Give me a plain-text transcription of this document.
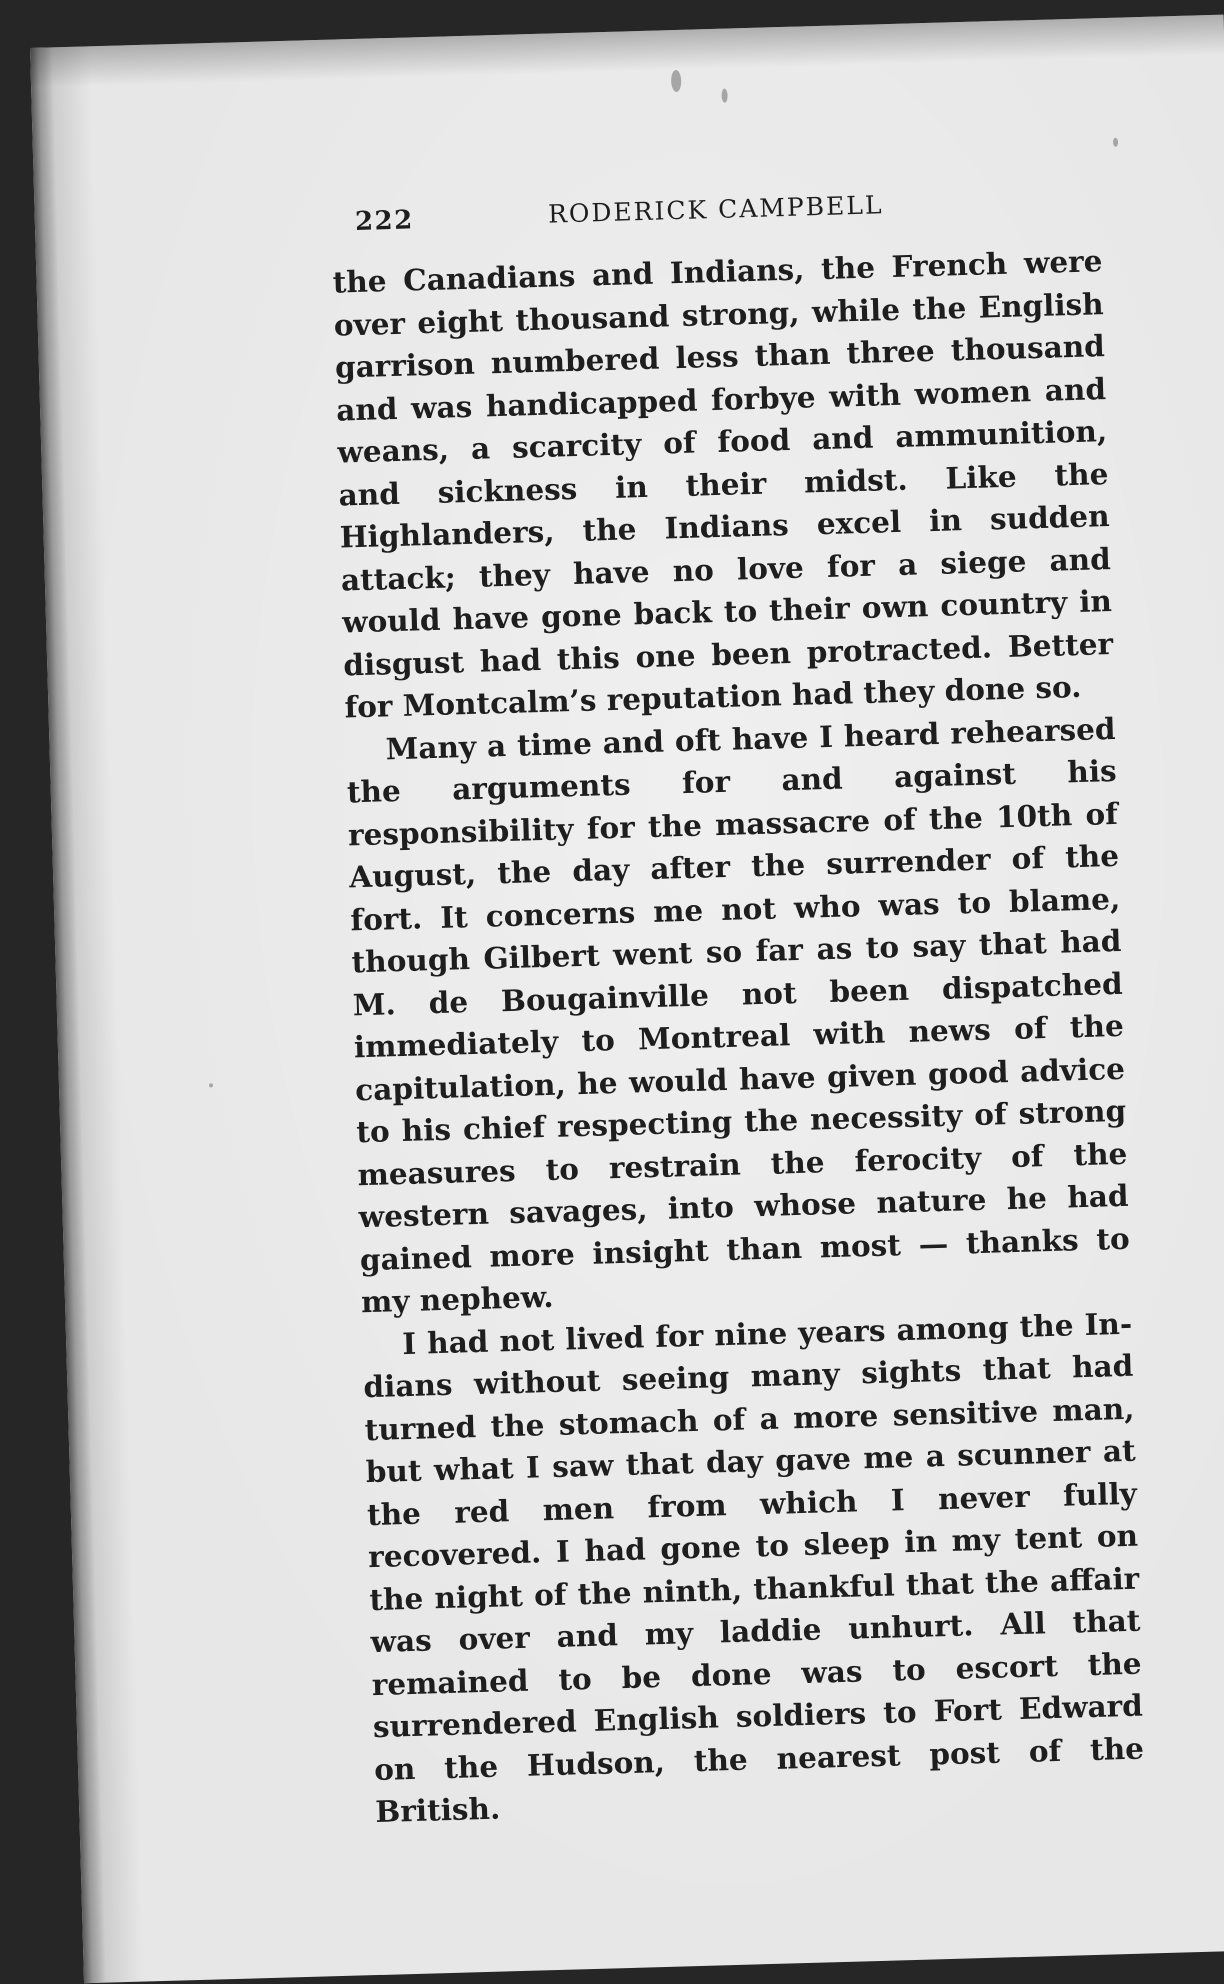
222	RODERICK CAMPBELL

the Canadians and Indians, the French were over eight thousand strong, while the English garrison numbered less than three thousand and was handicapped forbye with women and weans, a scarcity of food and ammunition, and sickness in their midst. Like the Highlanders, the Indians excel in sudden attack; they have no love for a siege and would have gone back to their own country in disgust had this one been protracted. Better for Montcalm’s reputation had they done so.

Many a time and oft have I heard rehearsed the arguments for and against his responsibility for the massacre of the 10th of August, the day after the surrender of the fort. It concerns me not who was to blame, though Gilbert went so far as to say that had M. de Bougainville not been dispatched immediately to Montreal with news of the capitulation, he would have given good advice to his chief respecting the necessity of strong measures to restrain the ferocity of the western savages, into whose nature he had gained more insight than most — thanks to my nephew.

I had not lived for nine years among the Indians without seeing many sights that had turned the stomach of a more sensitive man, but what I saw that day gave me a scunner at the red men from which I never fully recovered. I had gone to sleep in my tent on the night of the ninth, thankful that the affair was over and my laddie unhurt. All that remained to be done was to escort the surrendered English soldiers to Fort Edward on the Hudson, the nearest post of the British.
